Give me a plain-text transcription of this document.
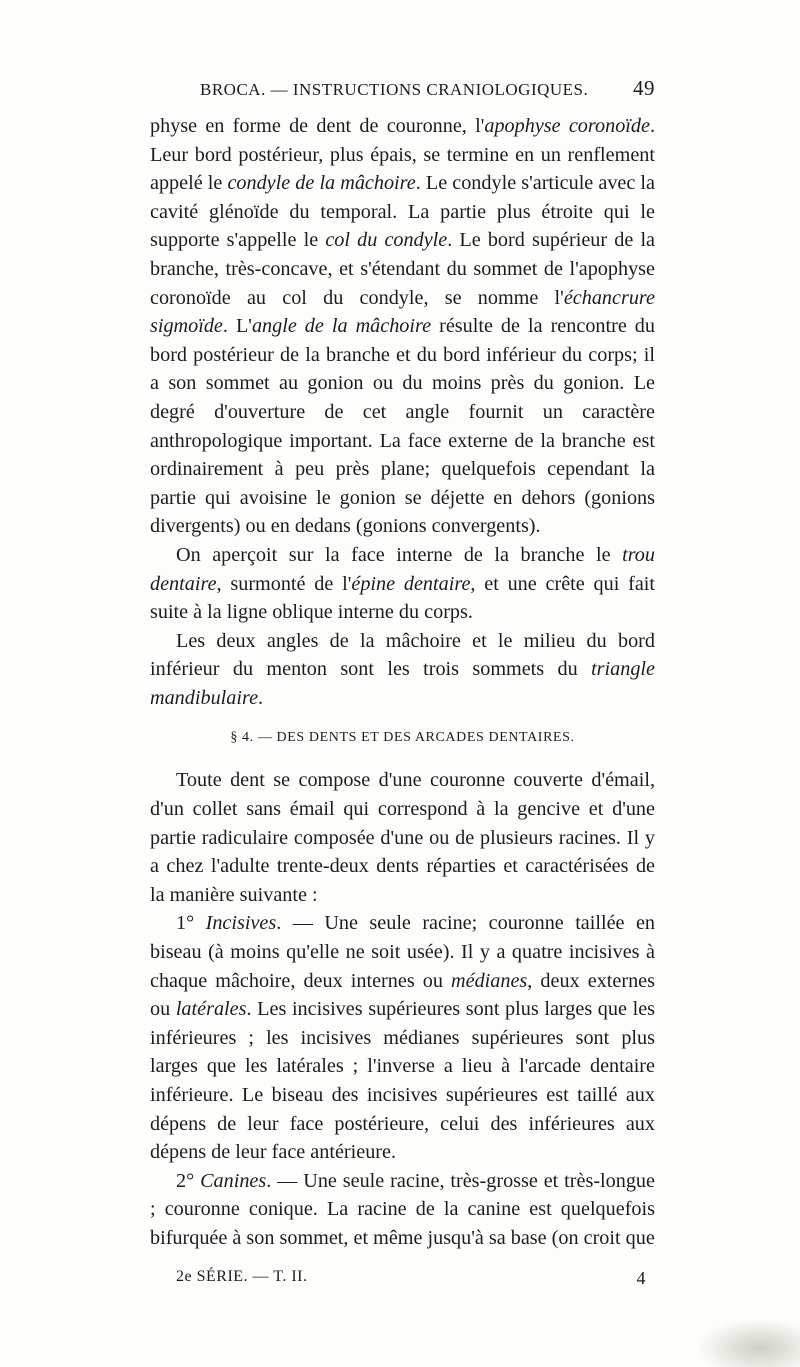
BROCA. — INSTRUCTIONS CRANIOLOGIQUES. 49

physe en forme de dent de couronne, l'apophyse coronoïde. Leur bord postérieur, plus épais, se termine en un renflement appelé le condyle de la mâchoire. Le condyle s'articule avec la cavité glénoïde du temporal. La partie plus étroite qui le supporte s'appelle le col du condyle. Le bord supérieur de la branche, très-concave, et s'étendant du sommet de l'apophyse coronoïde au col du condyle, se nomme l'échancrure sigmoïde. L'angle de la mâchoire résulte de la rencontre du bord postérieur de la branche et du bord inférieur du corps; il a son sommet au gonion ou du moins près du gonion. Le degré d'ouverture de cet angle fournit un caractère anthropologique important. La face externe de la branche est ordinairement à peu près plane; quelquefois cependant la partie qui avoisine le gonion se déjette en dehors (gonions divergents) ou en dedans (gonions convergents).

On aperçoit sur la face interne de la branche le trou dentaire, surmonté de l'épine dentaire, et une crête qui fait suite à la ligne oblique interne du corps.

Les deux angles de la mâchoire et le milieu du bord inférieur du menton sont les trois sommets du triangle mandibulaire.

§ 4. — DES DENTS ET DES ARCADES DENTAIRES.

Toute dent se compose d'une couronne couverte d'émail, d'un collet sans émail qui correspond à la gencive et d'une partie radiculaire composée d'une ou de plusieurs racines. Il y a chez l'adulte trente-deux dents réparties et caractérisées de la manière suivante :

1° Incisives. — Une seule racine; couronne taillée en biseau (à moins qu'elle ne soit usée). Il y a quatre incisives à chaque mâchoire, deux internes ou médianes, deux externes ou latérales. Les incisives supérieures sont plus larges que les inférieures ; les incisives médianes supérieures sont plus larges que les latérales ; l'inverse a lieu à l'arcade dentaire inférieure. Le biseau des incisives supérieures est taillé aux dépens de leur face postérieure, celui des inférieures aux dépens de leur face antérieure.

2° Canines. — Une seule racine, très-grosse et très-longue ; couronne conique. La racine de la canine est quelquefois bifurquée à son sommet, et même jusqu'à sa base (on croit que

2e SÉRIE. — T. II.	4
